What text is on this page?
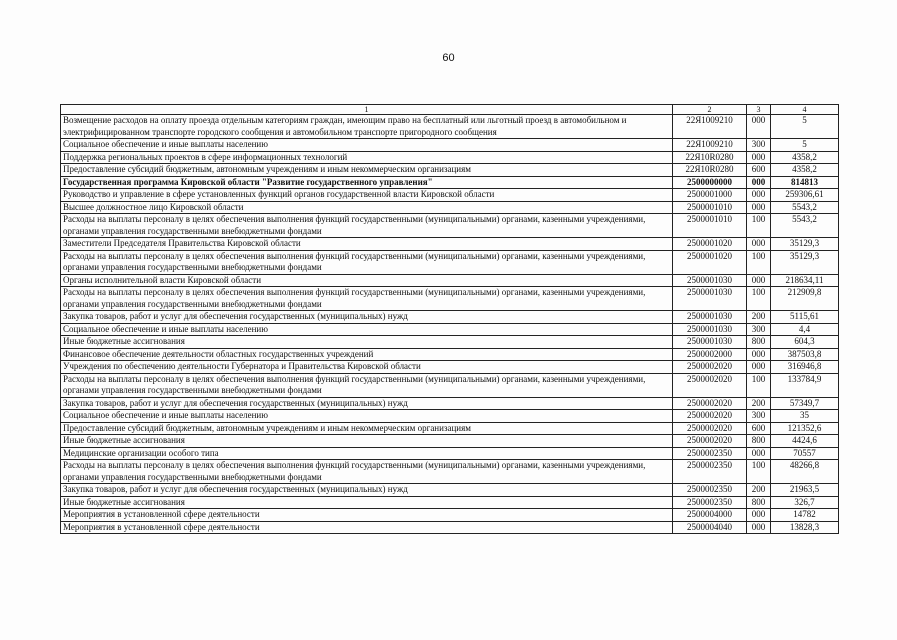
60
1	2	3	4
Возмещение расходов на оплату проезда отдельным категориям граждан, имеющим право на бесплатный или льготный проезд в автомобильном и электрифицированном транспорте городского сообщения и автомобильном транспорте пригородного сообщения	22Я1009210	000	5
Социальное обеспечение и иные выплаты населению	22Я1009210	300	5
Поддержка региональных проектов в сфере информационных технологий	22Я10R0280	000	4358,2
Предоставление субсидий бюджетным, автономным учреждениям и иным некоммерческим организациям	22Я10R0280	600	4358,2
Государственная программа Кировской области "Развитие государственного управления"	2500000000	000	814813
Руководство и управление в сфере установленных функций органов государственной власти Кировской области	2500001000	000	259306,61
Высшее должностное лицо Кировской области	2500001010	000	5543,2
Расходы на выплаты персоналу в целях обеспечения выполнения функций государственными (муниципальными) органами, казенными учреждениями, органами управления государственными внебюджетными фондами	2500001010	100	5543,2
Заместители Председателя Правительства Кировской области	2500001020	000	35129,3
Расходы на выплаты персоналу в целях обеспечения выполнения функций государственными (муниципальными) органами, казенными учреждениями, органами управления государственными внебюджетными фондами	2500001020	100	35129,3
Органы исполнительной власти Кировской области	2500001030	000	218634,11
Расходы на выплаты персоналу в целях обеспечения выполнения функций государственными (муниципальными) органами, казенными учреждениями, органами управления государственными внебюджетными фондами	2500001030	100	212909,8
Закупка товаров, работ и услуг для обеспечения государственных (муниципальных) нужд	2500001030	200	5115,61
Социальное обеспечение и иные выплаты населению	2500001030	300	4,4
Иные бюджетные ассигнования	2500001030	800	604,3
Финансовое обеспечение деятельности областных государственных учреждений	2500002000	000	387503,8
Учреждения по обеспечению деятельности Губернатора и Правительства Кировской области	2500002020	000	316946,8
Расходы на выплаты персоналу в целях обеспечения выполнения функций государственными (муниципальными) органами, казенными учреждениями, органами управления государственными внебюджетными фондами	2500002020	100	133784,9
Закупка товаров, работ и услуг для обеспечения государственных (муниципальных) нужд	2500002020	200	57349,7
Социальное обеспечение и иные выплаты населению	2500002020	300	35
Предоставление субсидий бюджетным, автономным учреждениям и иным некоммерческим организациям	2500002020	600	121352,6
Иные бюджетные ассигнования	2500002020	800	4424,6
Медицинские организации особого типа	2500002350	000	70557
Расходы на выплаты персоналу в целях обеспечения выполнения функций государственными (муниципальными) органами, казенными учреждениями, органами управления государственными внебюджетными фондами	2500002350	100	48266,8
Закупка товаров, работ и услуг для обеспечения государственных (муниципальных) нужд	2500002350	200	21963,5
Иные бюджетные ассигнования	2500002350	800	326,7
Мероприятия в установленной сфере деятельности	2500004000	000	14782
Мероприятия в установленной сфере деятельности	2500004040	000	13828,3
